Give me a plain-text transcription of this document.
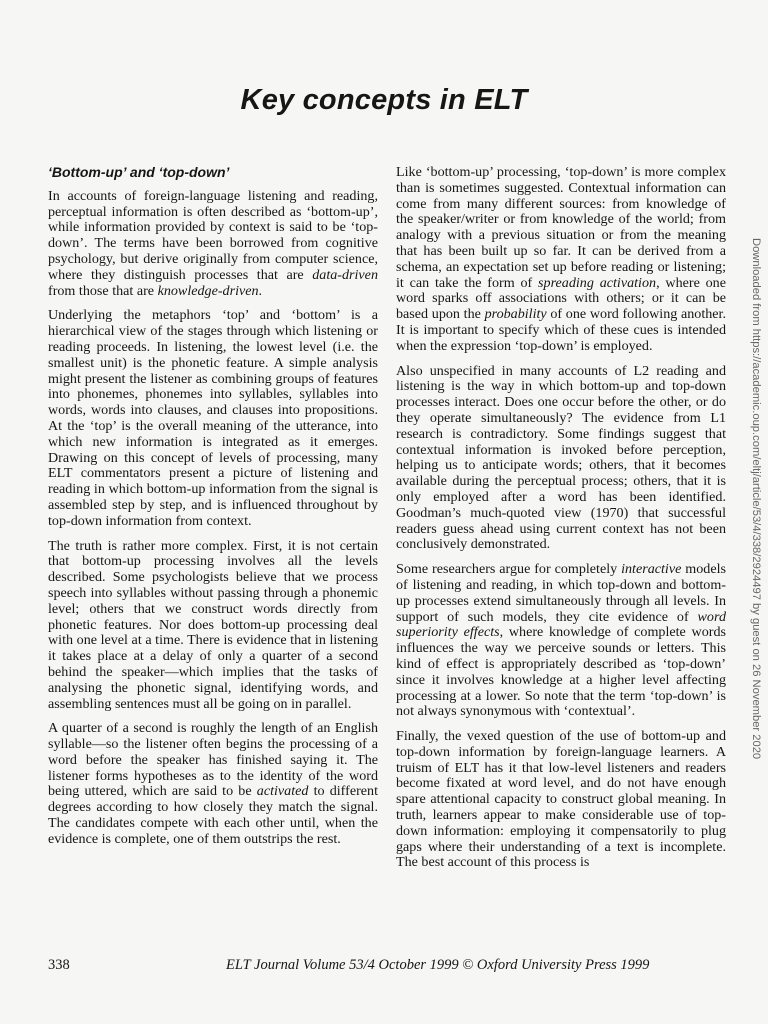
Key concepts in ELT
‘Bottom-up’ and ‘top-down’

In accounts of foreign-language listening and reading, perceptual information is often described as ‘bottom-up’, while information provided by context is said to be ‘top-down’. The terms have been borrowed from cognitive psychology, but derive originally from computer science, where they distinguish processes that are data-driven from those that are knowledge-driven.

Underlying the metaphors ‘top’ and ‘bottom’ is a hierarchical view of the stages through which listening or reading proceeds. In listening, the lowest level (i.e. the smallest unit) is the phonetic feature. A simple analysis might present the listener as combining groups of features into phonemes, phonemes into syllables, syllables into words, words into clauses, and clauses into propositions. At the ‘top’ is the overall meaning of the utterance, into which new information is integrated as it emerges. Drawing on this concept of levels of processing, many ELT commentators present a picture of listening and reading in which bottom-up information from the signal is assembled step by step, and is influenced throughout by top-down information from context.

The truth is rather more complex. First, it is not certain that bottom-up processing involves all the levels described. Some psychologists believe that we process speech into syllables without passing through a phonemic level; others that we construct words directly from phonetic features. Nor does bottom-up processing deal with one level at a time. There is evidence that in listening it takes place at a delay of only a quarter of a second behind the speaker—which implies that the tasks of analysing the phonetic signal, identifying words, and assembling sentences must all be going on in parallel.

A quarter of a second is roughly the length of an English syllable—so the listener often begins the processing of a word before the speaker has finished saying it. The listener forms hypotheses as to the identity of the word being uttered, which are said to be activated to different degrees according to how closely they match the signal. The candidates compete with each other until, when the evidence is complete, one of them outstrips the rest.

Like ‘bottom-up’ processing, ‘top-down’ is more complex than is sometimes suggested. Contextual information can come from many different sources: from knowledge of the speaker/writer or from knowledge of the world; from analogy with a previous situation or from the meaning that has been built up so far. It can be derived from a schema, an expectation set up before reading or listening; it can take the form of spreading activation, where one word sparks off associations with others; or it can be based upon the probability of one word following another. It is important to specify which of these cues is intended when the expression ‘top-down’ is employed.

Also unspecified in many accounts of L2 reading and listening is the way in which bottom-up and top-down processes interact. Does one occur before the other, or do they operate simultaneously? The evidence from L1 research is contradictory. Some findings suggest that contextual information is invoked before perception, helping us to anticipate words; others, that it becomes available during the perceptual process; others, that it is only employed after a word has been identified. Goodman’s much-quoted view (1970) that successful readers guess ahead using current context has not been conclusively demonstrated.

Some researchers argue for completely interactive models of listening and reading, in which top-down and bottom-up processes extend simultaneously through all levels. In support of such models, they cite evidence of word superiority effects, where knowledge of complete words influences the way we perceive sounds or letters. This kind of effect is appropriately described as ‘top-down’ since it involves knowledge at a higher level affecting processing at a lower. So note that the term ‘top-down’ is not always synonymous with ‘contextual’.

Finally, the vexed question of the use of bottom-up and top-down information by foreign-language learners. A truism of ELT has it that low-level listeners and readers become fixated at word level, and do not have enough spare attentional capacity to construct global meaning. In truth, learners appear to make considerable use of top-down information: employing it compensatorily to plug gaps where their understanding of a text is incomplete. The best account of this process is

Downloaded from https://academic.oup.com/eltj/article/53/4/338/2924497 by guest on 26 November 2020
338	ELT Journal Volume 53/4 October 1999 © Oxford University Press 1999
